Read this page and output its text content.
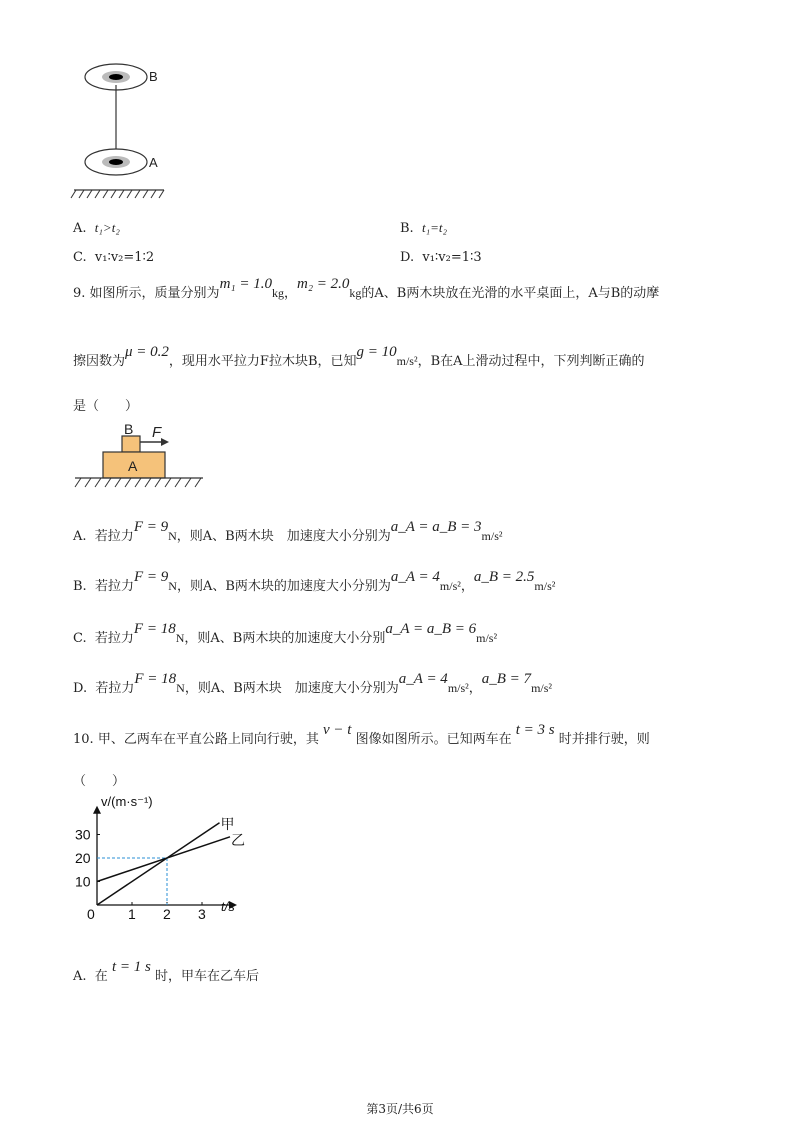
B
A
A. t₁>t₂	B. t₁=t₂
C. v₁∶v₂=1∶2	D. v₁∶v₂=1∶3
9. 如图所示，质量分别为m₁ = 1.0kg，m₂ = 2.0kg的A、B两木块放在光滑的水平桌面上，A与B的动摩
擦因数为μ = 0.2，现用水平拉力F拉木块B，已知g = 10m/s²，B在A上滑动过程中，下列判断正确的
是（　　）
B
A
F
A. 若拉力F = 9N，则A、B两木块　加速度大小分别为a_A = a_B = 3m/s²
B. 若拉力F = 9N，则A、B两木块的加速度大小分别为a_A = 4m/s²，a_B = 2.5m/s²
C. 若拉力F = 18N，则A、B两木块的加速度大小分别a_A = a_B = 6m/s²
D. 若拉力F = 18N，则A、B两木块　加速度大小分别为a_A = 4m/s²，a_B = 7m/s²
10. 甲、乙两车在平直公路上同向行驶，其 v − t 图像如图所示。已知两车在 t = 3 s 时并排行驶，则
（　　）
0 1 2 3
10
20
30
v/(m·s⁻¹)
t/s
甲
乙
A. 在 t = 1 s 时，甲车在乙车后
第3页/共6页
